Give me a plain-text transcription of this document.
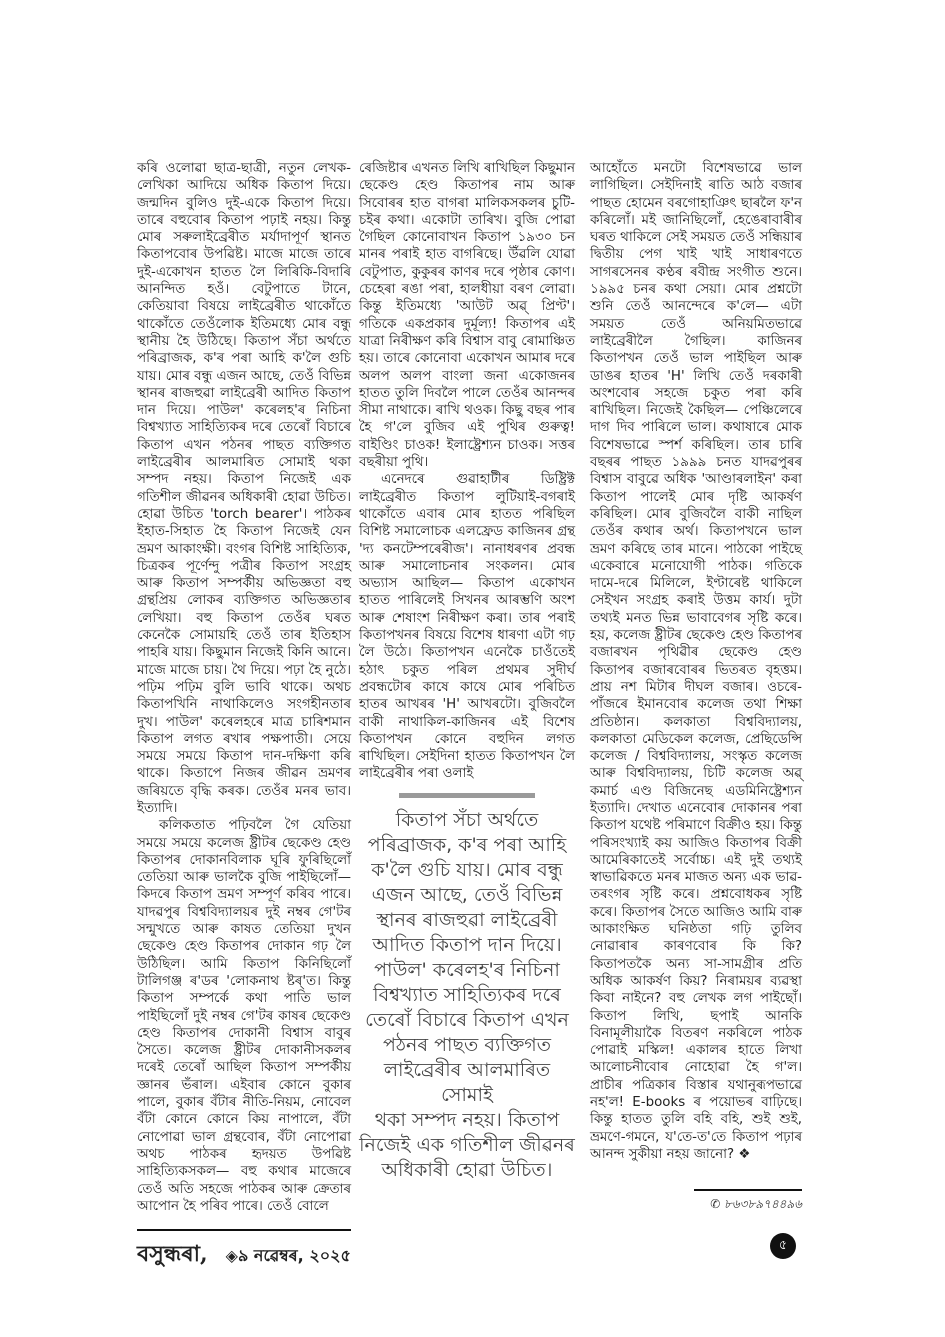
কৰি ওলোৱা ছাত্ৰ-ছাত্ৰী, নতুন লেখক-লেখিকা আদিয়ে অধিক কিতাপ দিয়ে। জন্মদিন বুলিও দুই-একে কিতাপ দিয়ে। তাৰে বহুবোৰ কিতাপ পঢ়াই নহয়। কিন্তু মোৰ সৰুলাইব্ৰেৰীত মৰ্যাদাপূৰ্ণ স্থানত কিতাপবোৰ উপৱিষ্ট। মাজে মাজে তাৰে দুই-একোখন হাতত লৈ লিৰিকি-বিদাৰি আনন্দিত হওঁ। বেটুপাতে টানে, কেতিয়াবা বিষয়ে লাইব্ৰেৰীত থাকোঁতে থাকোঁতে তেওঁলোক ইতিমধ্যে মোৰ বন্ধু স্থানীয় হৈ উঠিছে। কিতাপ সঁচা অৰ্থতে পৰিব্ৰাজক, ক'ৰ পৰা আহি ক'লৈ গুচি যায়। মোৰ বন্ধু এজন আছে, তেওঁ বিভিন্ন স্থানৰ ৰাজহুৱা লাইব্ৰেৰী আদিত কিতাপ দান দিয়ে। পাউল' কৰেলহ'ৰ নিচিনা বিশ্বখ্যাত সাহিত্যিকৰ দৰে তেৰোঁ বিচাৰে কিতাপ এখন পঠনৰ পাছত ব্যক্তিগত লাইব্ৰেৰীৰ আলমাৰিত সোমাই থকা সম্পদ নহয়। কিতাপ নিজেই এক গতিশীল জীৱনৰ অধিকাৰী হোৱা উচিত। হোৱা উচিত 'torch bearer'। পাঠকৰ ইহাত-সিহাত হৈ কিতাপ নিজেই যেন ভ্ৰমণ আকাংক্ষী। বংগৰ বিশিষ্ট সাহিত্যিক, চিত্ৰকৰ পূৰ্ণেন্দু পত্ৰীৰ কিতাপ সংগ্ৰহ আৰু কিতাপ সম্পৰ্কীয় অভিজ্ঞতা বহু গ্ৰন্থপ্ৰিয় লোকৰ ব্যক্তিগত অভিজ্ঞতাৰ লেখিয়া। বহু কিতাপ তেওঁৰ ঘৰত কেনেকৈ সোমায়হি তেওঁ তাৰ ইতিহাস পাহৰি যায়। কিছুমান নিজেই কিনি আনে। মাজে মাজে চায়। থৈ দিয়ে। পঢ়া হৈ নুঠে। পঢ়িম পঢ়িম বুলি ভাবি থাকে। অথচ কিতাপখিনি নাথাকিলেও সংগহীনতাৰ দুখ। পাউল' কৰেলহৰে মাত্ৰ চাৰিশমান কিতাপ লগত ৰখাৰ পক্ষপাতী। সেয়ে সময়ে সময়ে কিতাপ দান-দক্ষিণা কৰি থাকে। কিতাপে নিজৰ জীৱন ভ্ৰমণৰ জৰিয়তে বৃদ্ধি কৰক। তেওঁৰ মনৰ ভাব। ইত্যাদি।

কলিকতাত পঢ়িবলৈ গৈ যেতিয়া সময়ে সময়ে কলেজ ষ্ট্ৰীটৰ ছেকেণ্ড হেণ্ড কিতাপৰ দোকানবিলাক ঘূৰি ফুৰিছিলোঁ তেতিয়া আৰু ভালকৈ বুজি পাইছিলোঁ— কিদৰে কিতাপ ভ্ৰমণ সম্পূৰ্ণ কৰিব পাৰে। যাদৱপুৰ বিশ্ববিদ্যালয়ৰ দুই নম্বৰ গে'টৰ সন্মুখতে আৰু কাষত তেতিয়া দুখন ছেকেণ্ড হেণ্ড কিতাপৰ দোকান গঢ় লৈ উঠিছিল। আমি কিতাপ কিনিছিলোঁ টালিগঞ্জ ৰ'ডৰ 'লোকনাথ ষ্টৰ্'ত। কিন্তু কিতাপ সম্পৰ্কে কথা পাতি ভাল পাইছিলোঁ দুই নম্বৰ গে'টৰ কাষৰ ছেকেণ্ড হেণ্ড কিতাপৰ দোকানী বিশ্বাস বাবুৰ সৈতে। কলেজ ষ্ট্ৰীটৰ দোকানীসকলৰ দৰেই তেৰোঁ আছিল কিতাপ সম্পৰ্কীয় জ্ঞানৰ ভঁৰাল। এইবাৰ কোনে বুকাৰ পালে, বুকাৰ বঁটাৰ নীতি-নিয়ম, নোবেল বঁটা কোনে কোনে কিয় নাপালে, বঁটা নোপোৱা ভাল গ্ৰন্থবোৰ, বঁটা নোপোৱা অথচ পাঠকৰ হৃদয়ত উপৱিষ্ট সাহিত্যিকসকল— বহু কথাৰ মাজেৰে তেওঁ অতি সহজে পাঠকৰ আৰু ক্ৰেতাৰ আপোন হৈ পৰিব পাৰে। তেওঁ বোলে

ৰেজিষ্টাৰ এখনত লিখি ৰাখিছিল কিছুমান ছেকেণ্ড হেণ্ড কিতাপৰ নাম আৰু সিবোৰৰ হাত বাগৰা মালিকসকলৰ চুটি-চইৰ কথা। একোটা তাৰিখ। বুজি পোৱা গৈছিল কোনোবাখন কিতাপ ১৯৩০ চন মানৰ পৰাই হাত বাগৰিছে। উঁৱলি যোৱা বেটুপাত, কুকুৰৰ কাণৰ দৰে পৃষ্ঠাৰ কোণ। চেহেৰা ৰঙা পৰা, হালধীয়া বৰণ লোৱা। কিন্তু ইতিমধ্যে 'আউট অৱ্ প্ৰিণ্ট'। গতিকে একপ্ৰকাৰ দুৰ্মূল্য! কিতাপৰ এই যাত্ৰা নিৰীক্ষণ কৰি বিশ্বাস বাবু ৰোমাঞ্চিত হয়। তাৰে কোনোবা একোখন আমাৰ দৰে অলপ অলপ বাংলা জনা একোজনৰ হাতত তুলি দিবলৈ পালে তেওঁৰ আনন্দৰ সীমা নাথাকে। ৰাখি থওক। কিছু বছৰ পাৰ হৈ গ'লে বুজিব এই পুথিৰ গুৰুত্ব! বাইণ্ডিং চাওক! ইলাষ্ট্ৰেশ্যন চাওক। সত্তৰ বছৰীয়া পুথি।

এনেদৰে গুৱাহাটীৰ ডিষ্ট্ৰিক্ট লাইব্ৰেৰীত কিতাপ লুটিয়াই-বগৰাই থাকোঁতে এবাৰ মোৰ হাতত পৰিছিল বিশিষ্ট সমালোচক এলফ্ৰেড কাজিনৰ গ্ৰন্থ 'দ্য কনটেম্পৰেৰীজ'। নানাধৰণৰ প্ৰবন্ধ আৰু সমালোচনাৰ সংকলন। মোৰ অভ্যাস আছিল— কিতাপ একোখন হাতত পাৰিলেই সিখনৰ আৰম্ভণি অংশ আৰু শেষাংশ নিৰীক্ষণ কৰা। তাৰ পৰাই কিতাপখনৰ বিষয়ে বিশেষ ধাৰণা এটা গঢ় লৈ উঠে। কিতাপখন এনেকৈ চাওঁতেই হঠাৎ চকুত পৰিল প্ৰথমৰ সুদীৰ্ঘ প্ৰবন্ধটোৰ কাষে কাষে মোৰ পৰিচিত হাতৰ আখৰৰ 'H' আখৰটো। বুজিবলৈ বাকী নাথাকিল-কাজিনৰ এই বিশেষ কিতাপখন কোনে বহুদিন লগত ৰাখিছিল। সেইদিনা হাতত কিতাপখন লৈ লাইব্ৰেৰীৰ পৰা ওলাই

কিতাপ সঁচা অৰ্থতে
পৰিব্ৰাজক, ক'ৰ পৰা আহি
ক'লৈ গুচি যায়। মোৰ বন্ধু
এজন আছে, তেওঁ বিভিন্ন
স্থানৰ ৰাজহুৱা লাইব্ৰেৰী
আদিত কিতাপ দান দিয়ে।
পাউল' কৰেলহ'ৰ নিচিনা
বিশ্বখ্যাত সাহিত্যিকৰ দৰে
তেৰোঁ বিচাৰে কিতাপ এখন
পঠনৰ পাছত ব্যক্তিগত
লাইব্ৰেৰীৰ আলমাৰিত সোমাই
থকা সম্পদ নহয়। কিতাপ
নিজেই এক গতিশীল জীৱনৰ
অধিকাৰী হোৱা উচিত।

আহোঁতে মনটো বিশেষভাৱে ভাল লাগিছিল। সেইদিনাই ৰাতি আঠ বজাৰ পাছত হোমেন বৰগোহাঞিৎ ছাৰলৈ ফ'ন কৰিলোঁ। মই জানিছিলোঁ, হেঙেৰাবাৰীৰ ঘৰত থাকিলে সেই সময়ত তেওঁ সন্ধিয়াৰ দ্বিতীয় পেগ খাই খাই সাধাৰণতে সাগৰসেনৰ কণ্ঠৰ ৰবীন্দ্ৰ সংগীত শুনে। ১৯৯৫ চনৰ কথা সেয়া। মোৰ প্ৰশ্নটো শুনি তেওঁ আনন্দেৰে ক'লে— এটা সময়ত তেওঁ অনিয়মিতভাৱে লাইব্ৰেৰীলৈ গৈছিল। কাজিনৰ কিতাপখন তেওঁ ভাল পাইছিল আৰু ডাঙৰ হাতৰ 'H' লিখি তেওঁ দৰকাৰী অংশবোৰ সহজে চকুত পৰা কৰি ৰাখিছিল। নিজেই কৈছিল— পেঞ্চিলেৰে দাগ দিব পাৰিলে ভাল। কথাষাৰে মোক বিশেষভাৱে স্পৰ্শ কৰিছিল। তাৰ চাৰি বছৰৰ পাছত ১৯৯৯ চনত যাদৱপুৰৰ বিশ্বাস বাবুৱে অধিক 'আণ্ডাৰলাইন' কৰা কিতাপ পালেই মোৰ দৃষ্টি আকৰ্ষণ কৰিছিল। মোৰ বুজিবলৈ বাকী নাছিল তেওঁৰ কথাৰ অৰ্থ। কিতাপখনে ভাল ভ্ৰমণ কৰিছে তাৰ মানে। পাঠকো পাইছে একেবাৰে মনোযোগী পাঠক। গতিকে দামে-দৰে মিলিলে, ইণ্টাৰেষ্ট থাকিলে সেইখন সংগ্ৰহ কৰাই উত্তম কাৰ্য। দুটা তথ্যই মনত ভিন্ন ভাবাবেগৰ সৃষ্টি কৰে। হয়, কলেজ ষ্ট্ৰীটৰ ছেকেণ্ড হেণ্ড কিতাপৰ বজাৰখন পৃথিৱীৰ ছেকেণ্ড হেণ্ড কিতাপৰ বজাৰবোৰৰ ভিতৰত বৃহত্তম। প্ৰায় নশ মিটাৰ দীঘল বজাৰ। ওচৰে-পাঁজৰে ইমানবোৰ কলেজ তথা শিক্ষা প্ৰতিষ্ঠান। কলকাতা বিশ্ববিদ্যালয়, কলকাতা মেডিকেল কলেজ, প্ৰেছিডেন্সি কলেজ / বিশ্ববিদ্যালয়, সংস্কৃত কলেজ আৰু বিশ্ববিদ্যালয়, চিটি কলেজ অৱ্ কমাৰ্চ এণ্ড বিজিনেছ এডমিনিষ্ট্ৰেশ্যন ইত্যাদি। দেখাত এনেবোৰ দোকানৰ পৰা কিতাপ যথেষ্ট পৰিমাণে বিক্ৰীও হয়। কিন্তু পৰিসংখ্যাই কয় আজিও কিতাপৰ বিক্ৰী আমেৰিকাতেই সৰ্বোচ্চ। এই দুই তথ্যই স্বাভাৱিকতে মনৰ মাজত অন্য এক ভাৱ-তৰংগৰ সৃষ্টি কৰে। প্ৰশ্নবোধকৰ সৃষ্টি কৰে। কিতাপৰ সৈতে আজিও আমি বাৰু আকাংক্ষিত ঘনিষ্ঠতা গঢ়ি তুলিব নোৱাৰাৰ কাৰণবোৰ কি কি? কিতাপতকৈ অন্য সা-সামগ্ৰীৰ প্ৰতি অধিক আকৰ্ষণ কিয়? নিৰাময়ৰ ব্যৱস্থা কিবা নাইনে? বহু লেখক লগ পাইছোঁ। কিতাপ লিখি, ছপাই আনকি বিনামূলীয়াকৈ বিতৰণ নকৰিলে পাঠক পোৱাই মস্কিল! একালৰ হাতে লিখা আলোচনীবোৰ নোহোৱা হৈ গ'ল। প্ৰাচীৰ পত্ৰিকাৰ বিস্তাৰ যথানুৰূপভাৱে নহ'ল! E-books ৰ পয়োভৰ বাঢ়িছে। কিন্তু হাতত তুলি বহি বহি, শুই শুই, ভ্ৰমণে-গমনে, য'তে-ত'তে কিতাপ পঢ়াৰ আনন্দ সুকীয়া নহয় জানো? ❖

✆ ৮৬৩৮৯৭৪৪৯৬
বসুন্ধৰা, ◈৯ নৱেম্বৰ, ২০২৫
৫
